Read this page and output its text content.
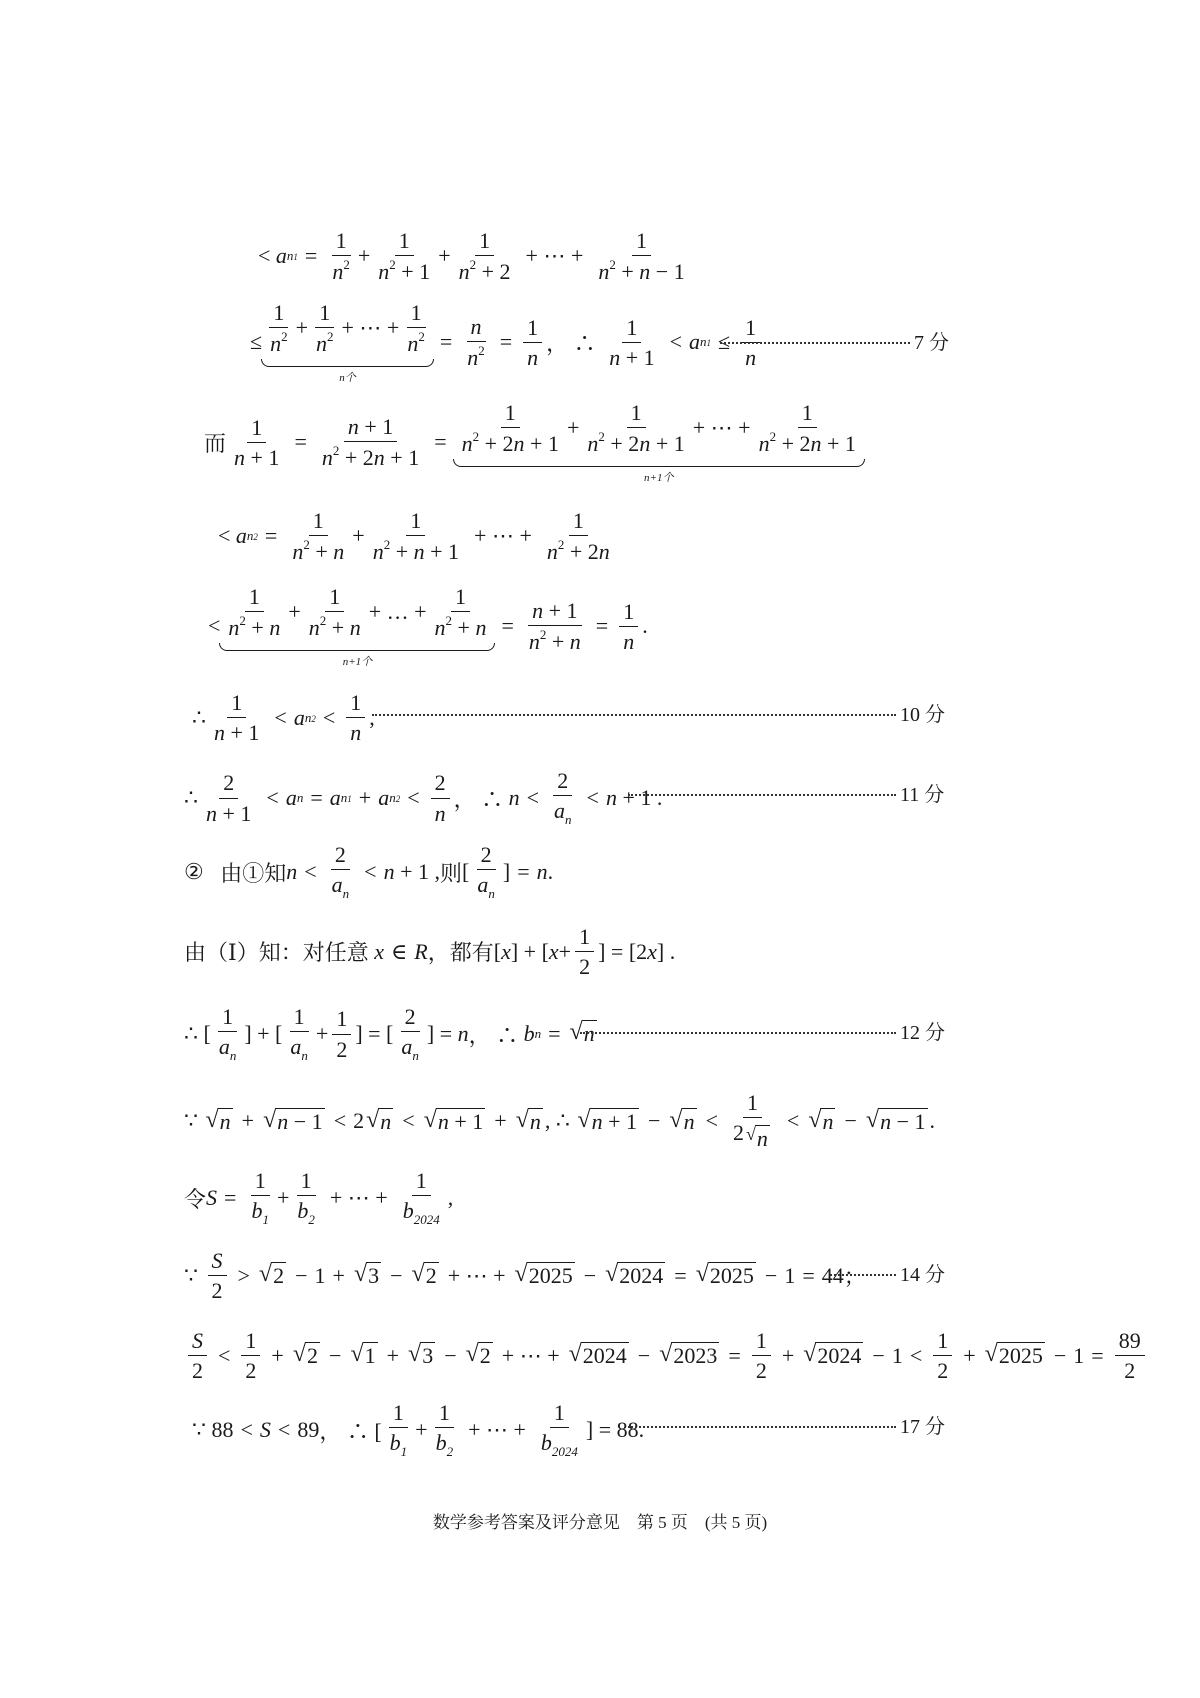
<
a $n1 = \frac{1}{n^2} + \frac{1}{n^2 + 1} + \frac{1}{n^2 + 2}$ + ⋯ + $\frac{1}{n^2 + n - 1}$
≤ $\frac{1}{n^2} + \frac{1}{n^2}$ + ⋯ + $\frac{1}{n^2}$
n个
= $\frac{n}{n^2} = \frac{1}{n}$ ， ∴ $\frac{1}{n + 1} < a$ $n1 \le \frac{1}{n}$	7 分
而 $\frac{1}{n + 1} = \frac{n + 1}{n^2 + 2n + 1} = \frac{1}{n^2 + 2n + 1} + \frac{1}{n^2 + 2n + 1}$ + ⋯ + $\frac{1}{n^2 + 2n + 1}$
n+1个
<
a $n2 = \frac{1}{n^2 + n} + \frac{1}{n^2 + n + 1}$ + ⋯ + $\frac{1}{n^2 + 2n}$
< $\frac{1}{n^2 + n} + \frac{1}{n^2 + n}$ + … + $\frac{1}{n^2 + n}$
n+1个
= $\frac{n + 1}{n^2 + n} = \frac{1}{n}$ .
∴ $\frac{1}{n + 1} < a$ $n2 < \frac{1}{n}$ ,	10 分
∴ $\frac{2}{n + 1} < a$ n = a n1 + a $n2 < \frac{2}{n}$ ， ∴ $n < \frac{2}{a_n} < n + 1$ .	11 分
②
由①知 $n < \frac{2}{a_n} < n + 1$ , 则 [ $\frac{2}{a_n}$ ] = n .
由（Ⅰ）知：对任意
x ∈ R ， 都有 [ x ] + [ $x + \frac{1}{2}$ ] = [2 x ] .
∴ [ $\frac{1}{a_n}$ ] + [ $\frac{1}{a_n} + \frac{1}{2}$ ] = [ $\frac{2}{a_n}$ ] = n ， ∴ b n = √ n	12 分
∵ √ n + √ n − 1 < 2 √ n < √ n + 1 + √ n , ∴ √ n + 1 − √ $n < \frac{1}{2 √ n}$ < √ n − √ n − 1 .
令 $S = \frac{1}{b_1} + \frac{1}{b_2}$ + ⋯ + $\frac{1}{b_{2024}}$ ,
∵ $\frac{S}{2}$ > √ 2 − 1 + √ 3 − √ 2 + ⋯ + √ 2025 − √ 2024 = √ 2025 − 1 = 44 ； 14 分
$\frac{S}{2} < \frac{1}{2}$ + √ 2 − √ 1 + √ 3 − √ 2 + ⋯ + √ 2024 − √ $2023 = \frac{1}{2}$ + √ $2024 - 1 < \frac{1}{2}$ + √ $2025 - 1 = \frac{89}{2}$
∵ 88 < S < 89 ， ∴ [ $\frac{1}{b_1} + \frac{1}{b_2}$ + ⋯ + $\frac{1}{b_{2024}}$ ] = 88 .	17 分
数学参考答案及评分意见　第 5 页　(共 5 页)
